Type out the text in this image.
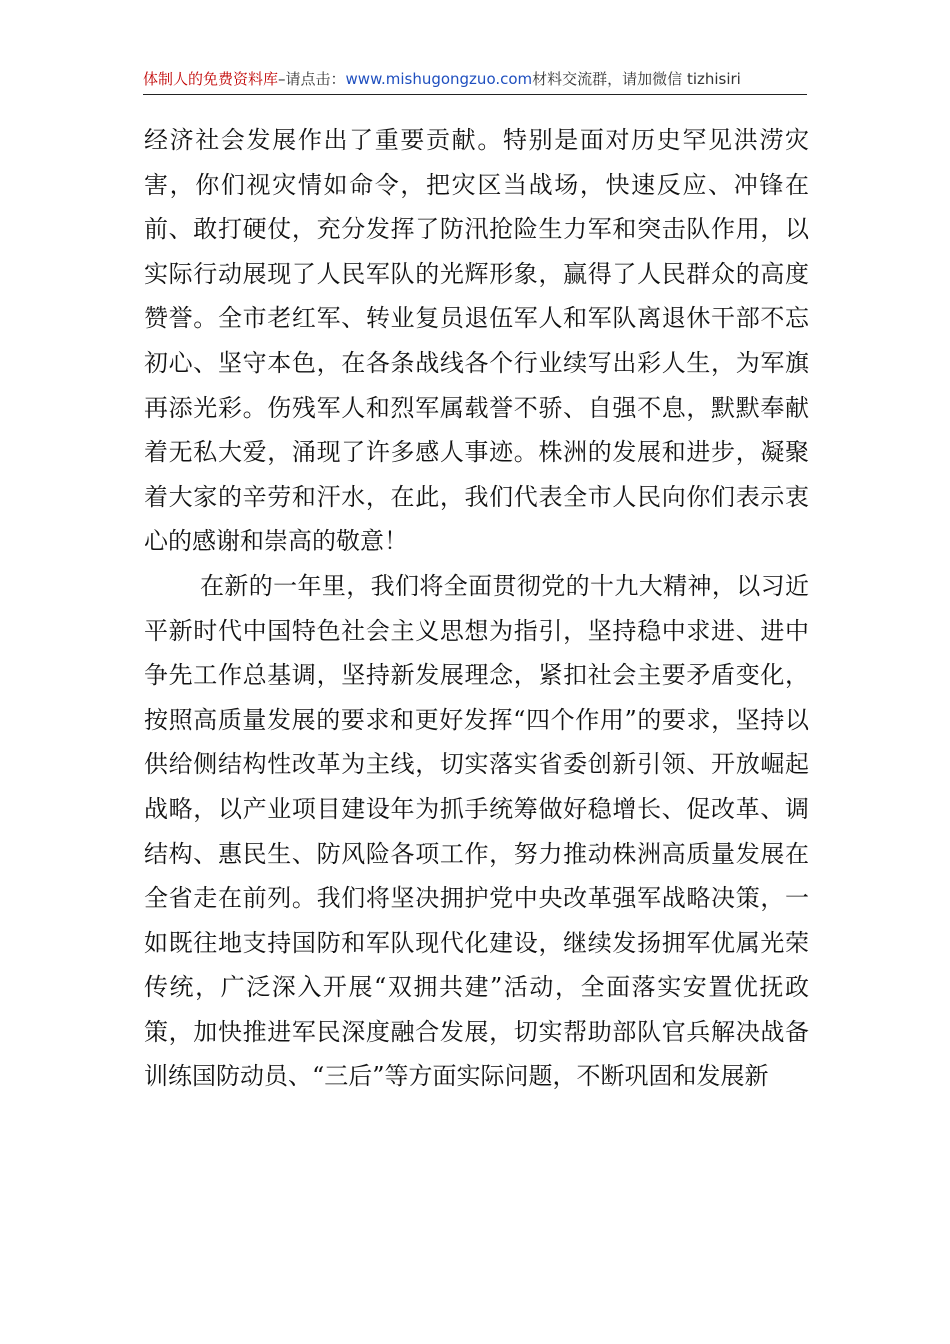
体制人的免费资料库–请点击：www.mishugongzuo.com材料交流群，请加微信 tizhisiri

经济社会发展作出了重要贡献。特别是面对历史罕见洪涝灾害，你们视灾情如命令，把灾区当战场，快速反应、冲锋在前、敢打硬仗，充分发挥了防汛抢险生力军和突击队作用，以实际行动展现了人民军队的光辉形象，赢得了人民群众的高度赞誉。全市老红军、转业复员退伍军人和军队离退休干部不忘初心、坚守本色，在各条战线各个行业续写出彩人生，为军旗再添光彩。伤残军人和烈军属载誉不骄、自强不息，默默奉献着无私大爱，涌现了许多感人事迹。株洲的发展和进步，凝聚着大家的辛劳和汗水，在此，我们代表全市人民向你们表示衷心的感谢和崇高的敬意！

在新的一年里，我们将全面贯彻党的十九大精神，以习近平新时代中国特色社会主义思想为指引，坚持稳中求进、进中争先工作总基调，坚持新发展理念，紧扣社会主要矛盾变化，按照高质量发展的要求和更好发挥“四个作用”的要求，坚持以供给侧结构性改革为主线，切实落实省委创新引领、开放崛起战略，以产业项目建设年为抓手统筹做好稳增长、促改革、调结构、惠民生、防风险各项工作，努力推动株洲高质量发展在全省走在前列。我们将坚决拥护党中央改革强军战略决策，一如既往地支持国防和军队现代化建设，继续发扬拥军优属光荣传统，广泛深入开展“双拥共建”活动，全面落实安置优抚政策，加快推进军民深度融合发展，切实帮助部队官兵解决战备训练国防动员、“三后”等方面实际问题，不断巩固和发展新
